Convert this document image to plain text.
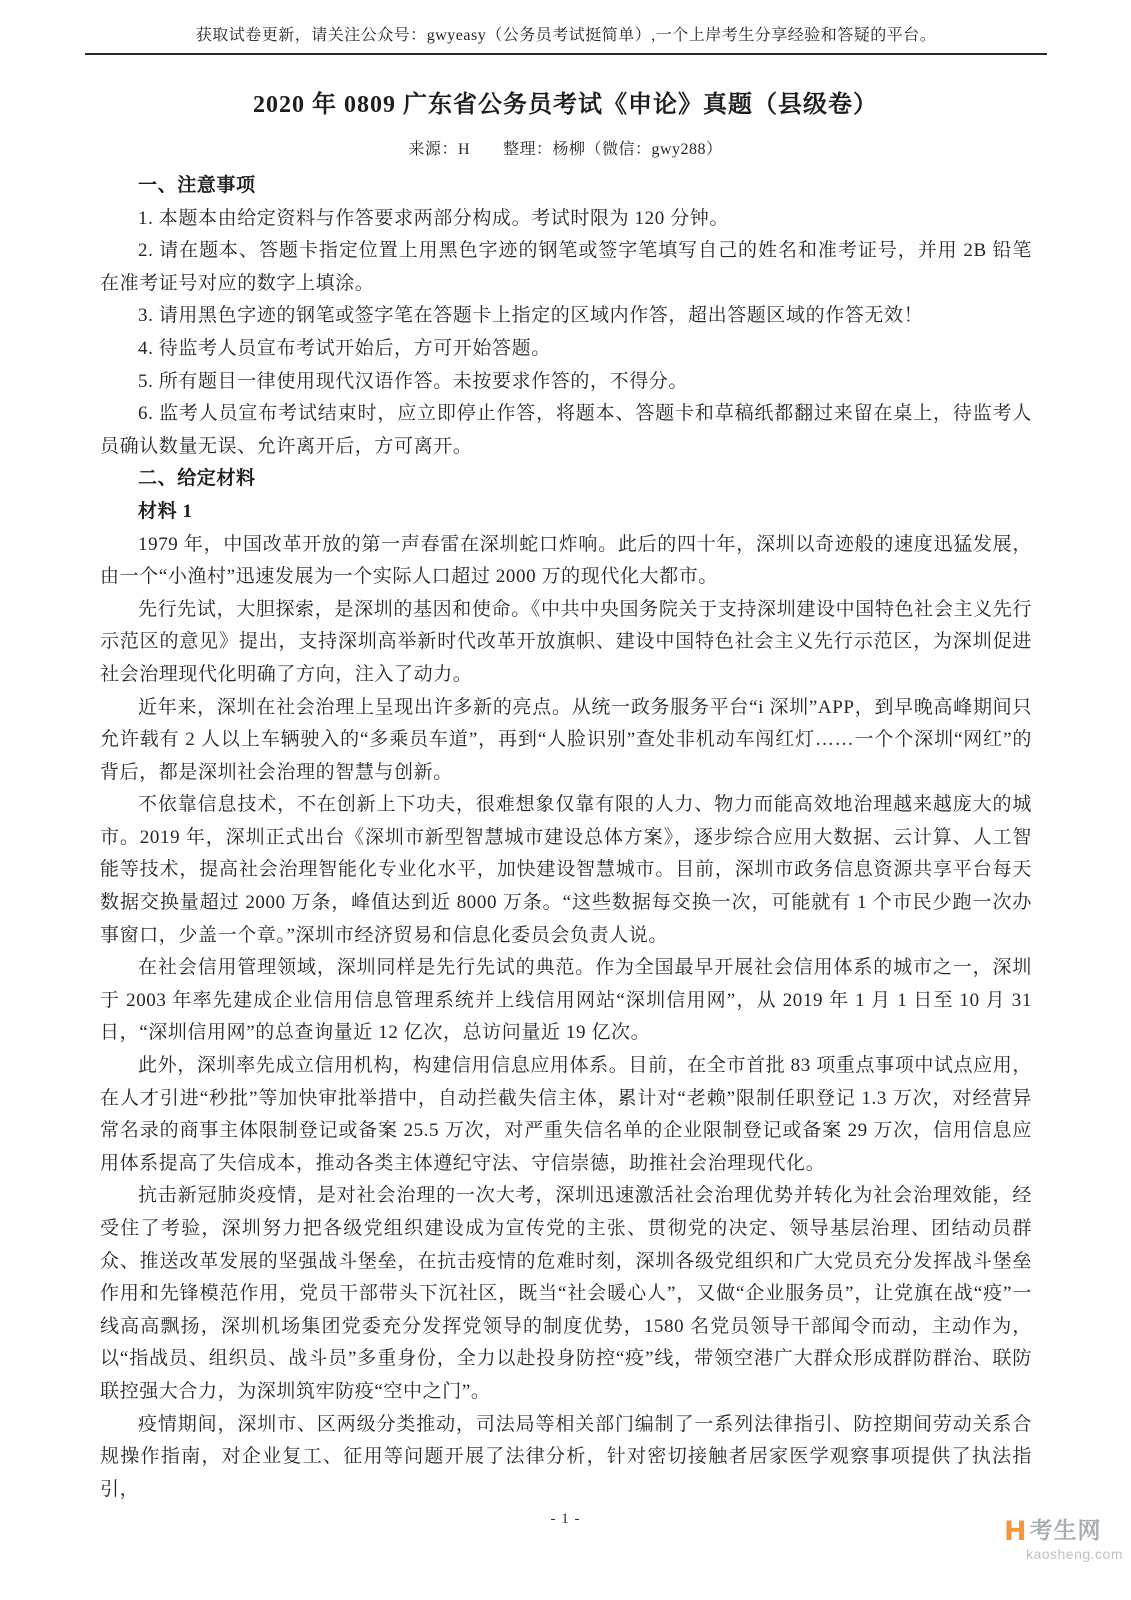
获取试卷更新，请关注公众号：gwyeasy（公务员考试挺简单）,一个上岸考生分享经验和答疑的平台。
2020 年 0809 广东省公务员考试《申论》真题（县级卷）
来源：H　　整理：杨柳（微信：gwy288）

一、注意事项

1. 本题本由给定资料与作答要求两部分构成。考试时限为 120 分钟。

2. 请在题本、答题卡指定位置上用黑色字迹的钢笔或签字笔填写自己的姓名和准考证号，并用 2B 铅笔在准考证号对应的数字上填涂。

3. 请用黑色字迹的钢笔或签字笔在答题卡上指定的区域内作答，超出答题区域的作答无效！

4. 待监考人员宣布考试开始后，方可开始答题。

5. 所有题目一律使用现代汉语作答。未按要求作答的，不得分。

6. 监考人员宣布考试结束时，应立即停止作答，将题本、答题卡和草稿纸都翻过来留在桌上，待监考人员确认数量无误、允许离开后，方可离开。

二、给定材料

材料 1

1979 年，中国改革开放的第一声春雷在深圳蛇口炸响。此后的四十年，深圳以奇迹般的速度迅猛发展，由一个“小渔村”迅速发展为一个实际人口超过 2000 万的现代化大都市。

先行先试，大胆探索，是深圳的基因和使命。《中共中央国务院关于支持深圳建设中国特色社会主义先行示范区的意见》提出，支持深圳高举新时代改革开放旗帜、建设中国特色社会主义先行示范区，为深圳促进社会治理现代化明确了方向，注入了动力。

近年来，深圳在社会治理上呈现出许多新的亮点。从统一政务服务平台“i 深圳”APP，到早晚高峰期间只允许载有 2 人以上车辆驶入的“多乘员车道”，再到“人脸识别”查处非机动车闯红灯……一个个深圳“网红”的背后，都是深圳社会治理的智慧与创新。

不依靠信息技术，不在创新上下功夫，很难想象仅靠有限的人力、物力而能高效地治理越来越庞大的城市。2019 年，深圳正式出台《深圳市新型智慧城市建设总体方案》，逐步综合应用大数据、云计算、人工智能等技术，提高社会治理智能化专业化水平，加快建设智慧城市。目前，深圳市政务信息资源共享平台每天数据交换量超过 2000 万条，峰值达到近 8000 万条。“这些数据每交换一次，可能就有 1 个市民少跑一次办事窗口，少盖一个章。”深圳市经济贸易和信息化委员会负责人说。

在社会信用管理领域，深圳同样是先行先试的典范。作为全国最早开展社会信用体系的城市之一，深圳于 2003 年率先建成企业信用信息管理系统并上线信用网站“深圳信用网”，从 2019 年 1 月 1 日至 10 月 31 日，“深圳信用网”的总查询量近 12 亿次，总访问量近 19 亿次。

此外，深圳率先成立信用机构，构建信用信息应用体系。目前，在全市首批 83 项重点事项中试点应用，在人才引进“秒批”等加快审批举措中，自动拦截失信主体，累计对“老赖”限制任职登记 1.3 万次，对经营异常名录的商事主体限制登记或备案 25.5 万次，对严重失信名单的企业限制登记或备案 29 万次，信用信息应用体系提高了失信成本，推动各类主体遵纪守法、守信崇德，助推社会治理现代化。

抗击新冠肺炎疫情，是对社会治理的一次大考，深圳迅速激活社会治理优势并转化为社会治理效能，经受住了考验，深圳努力把各级党组织建设成为宣传党的主张、贯彻党的决定、领导基层治理、团结动员群众、推送改革发展的坚强战斗堡垒，在抗击疫情的危难时刻，深圳各级党组织和广大党员充分发挥战斗堡垒作用和先锋模范作用，党员干部带头下沉社区，既当“社会暖心人”，又做“企业服务员”，让党旗在战“疫”一线高高飘扬，深圳机场集团党委充分发挥党领导的制度优势，1580 名党员领导干部闻令而动，主动作为，以“指战员、组织员、战斗员”多重身份，全力以赴投身防控“疫”线，带领空港广大群众形成群防群治、联防联控强大合力，为深圳筑牢防疫“空中之门”。

疫情期间，深圳市、区两级分类推动，司法局等相关部门编制了一系列法律指引、防控期间劳动关系合规操作指南，对企业复工、征用等问题开展了法律分析，针对密切接触者居家医学观察事项提供了执法指引，

- 1 -	H 考生网
kaosheng.com
